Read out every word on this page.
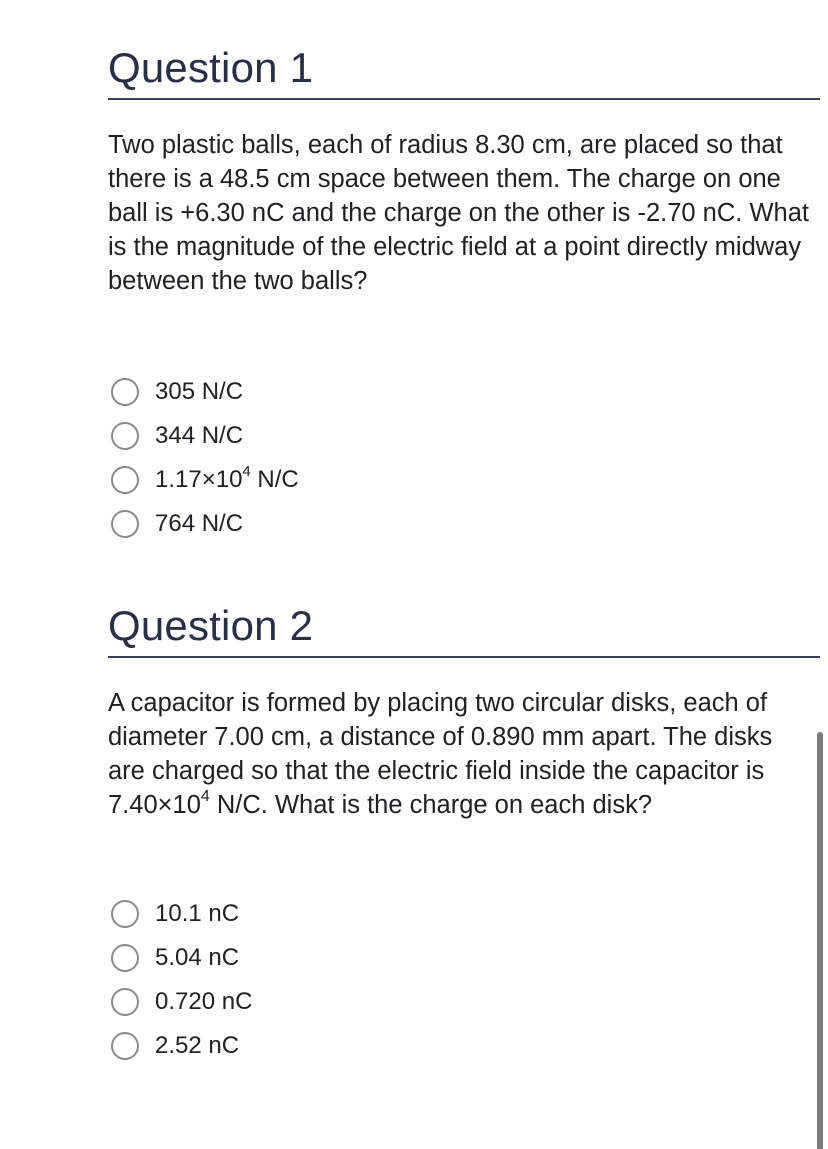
Question 1
Two plastic balls, each of radius 8.30 cm, are placed so that there is a 48.5 cm space between them. The charge on one ball is +6.30 nC and the charge on the other is -2.70 nC. What is the magnitude of the electric field at a point directly midway between the two balls?
305 N/C
344 N/C
$1.17\times 10^4$ N/C
764 N/C
Question 2
A capacitor is formed by placing two circular disks, each of diameter 7.00 cm, a distance of 0.890 mm apart. The disks are charged so that the electric field inside the capacitor is $7.40\times 10^4$ N/C. What is the charge on each disk?
10.1 nC
5.04 nC
0.720 nC
2.52 nC
